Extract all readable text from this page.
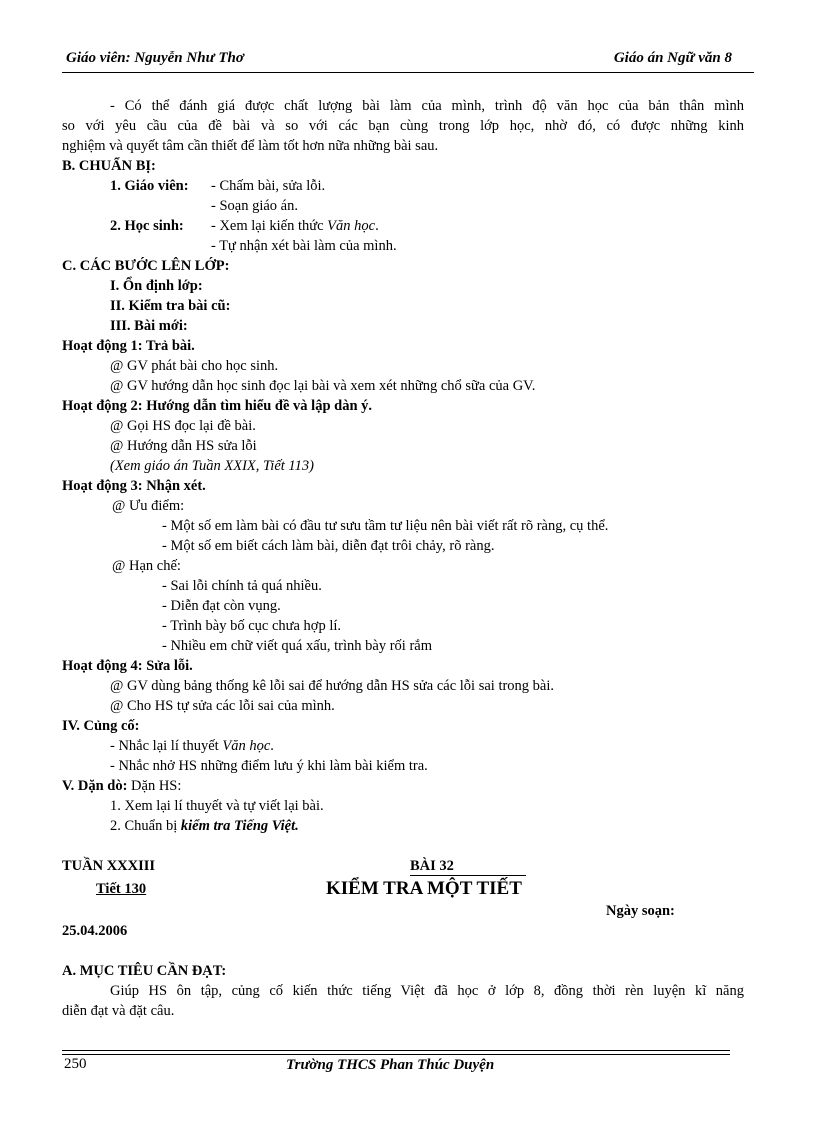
Giáo viên: Nguyễn Như Thơ	Giáo án Ngữ văn 8
- Có thể đánh giá được chất lượng bài làm của mình, trình độ văn học của bản thân mình
so với yêu cầu của đề bài và so với các bạn cùng trong lớp học, nhờ đó, có được những kinh
nghiệm và quyết tâm cần thiết để làm tốt hơn nữa những bài sau.
B. CHUẨN BỊ:
1. Giáo viên: - Chấm bài, sửa lỗi.
- Soạn giáo án.
2. Học sinh: - Xem lại kiến thức Văn học.
- Tự nhận xét bài làm của mình.
C. CÁC BƯỚC LÊN LỚP:
I. Ổn định lớp:
II. Kiểm tra bài cũ:
III. Bài mới:
Hoạt động 1: Trả bài.
@ GV phát bài cho học sinh.
@ GV hướng dẫn học sinh đọc lại bài và xem xét những chổ sữa của GV.
Hoạt động 2: Hướng dẫn tìm hiểu đề và lập dàn ý.
@ Gọi HS đọc lại đề bài.
@ Hướng dẫn HS sửa lỗi
(Xem giáo án Tuần XXIX, Tiết 113)
Hoạt động 3: Nhận xét.
@ Ưu điểm:
- Một số em làm bài có đầu tư sưu tầm tư liệu nên bài viết rất rõ ràng, cụ thể.
- Một số em biết cách làm bài, diễn đạt trôi chảy, rõ ràng.
@ Hạn chế:
- Sai lỗi chính tả quá nhiều.
- Diễn đạt còn vụng.
- Trình bày bố cục chưa hợp lí.
- Nhiều em chữ viết quá xấu, trình bày rối rắm
Hoạt động 4: Sửa lỗi.
@ GV dùng bảng thống kê lỗi sai để hướng dẫn HS sửa các lỗi sai trong bài.
@ Cho HS tự sửa các lỗi sai của mình.
IV. Củng cố:
- Nhắc lại lí thuyết Văn học.
- Nhắc nhở HS những điểm lưu ý khi làm bài kiểm tra.
V. Dặn dò: Dặn HS:
1. Xem lại lí thuyết và tự viết lại bài.
2. Chuẩn bị kiểm tra Tiếng Việt.
TUẦN XXXIII
Tiết 130
BÀI 32
KIỂM TRA MỘT TIẾT
Ngày soạn:
25.04.2006
A. MỤC TIÊU CẦN ĐẠT:
Giúp HS ôn tập, củng cố kiến thức tiếng Việt đã học ở lớp 8, đồng thời rèn luyện kĩ năng
diễn đạt và đặt câu.
250	Trường THCS Phan Thúc Duyện
